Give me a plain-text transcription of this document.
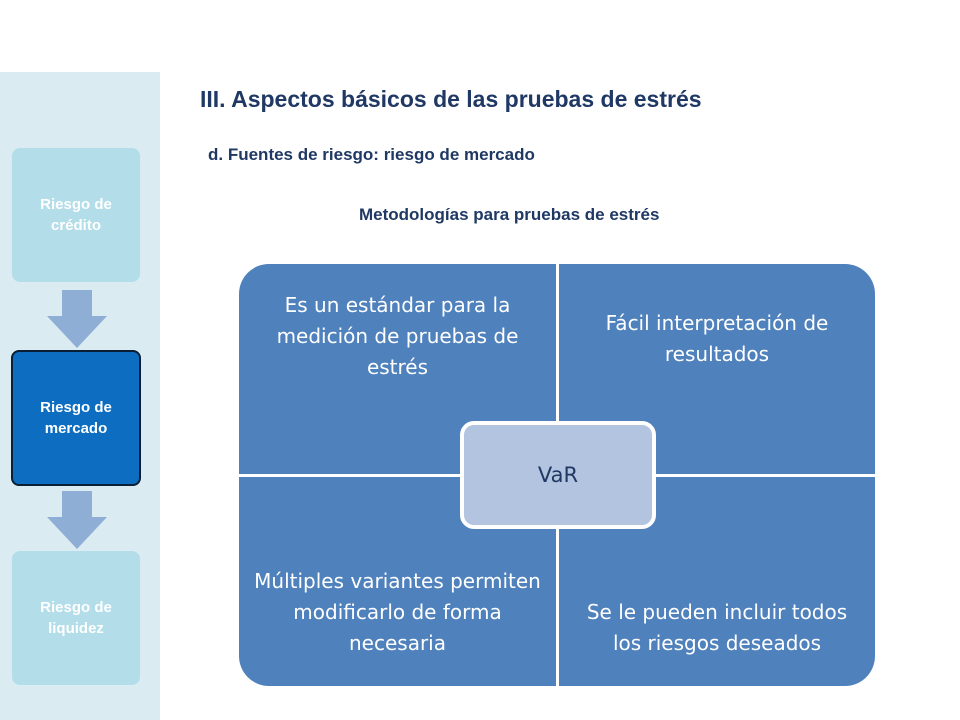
Riesgo de crédito
Riesgo de mercado
Riesgo de liquidez
III. Aspectos básicos de las pruebas de estrés
d. Fuentes de riesgo: riesgo de mercado
Metodologías para pruebas de estrés
Es un estándar para la medición de pruebas de estrés
Fácil interpretación de resultados
Múltiples variantes permiten modificarlo de forma necesaria
Se le pueden incluir todos los riesgos deseados
VaR
